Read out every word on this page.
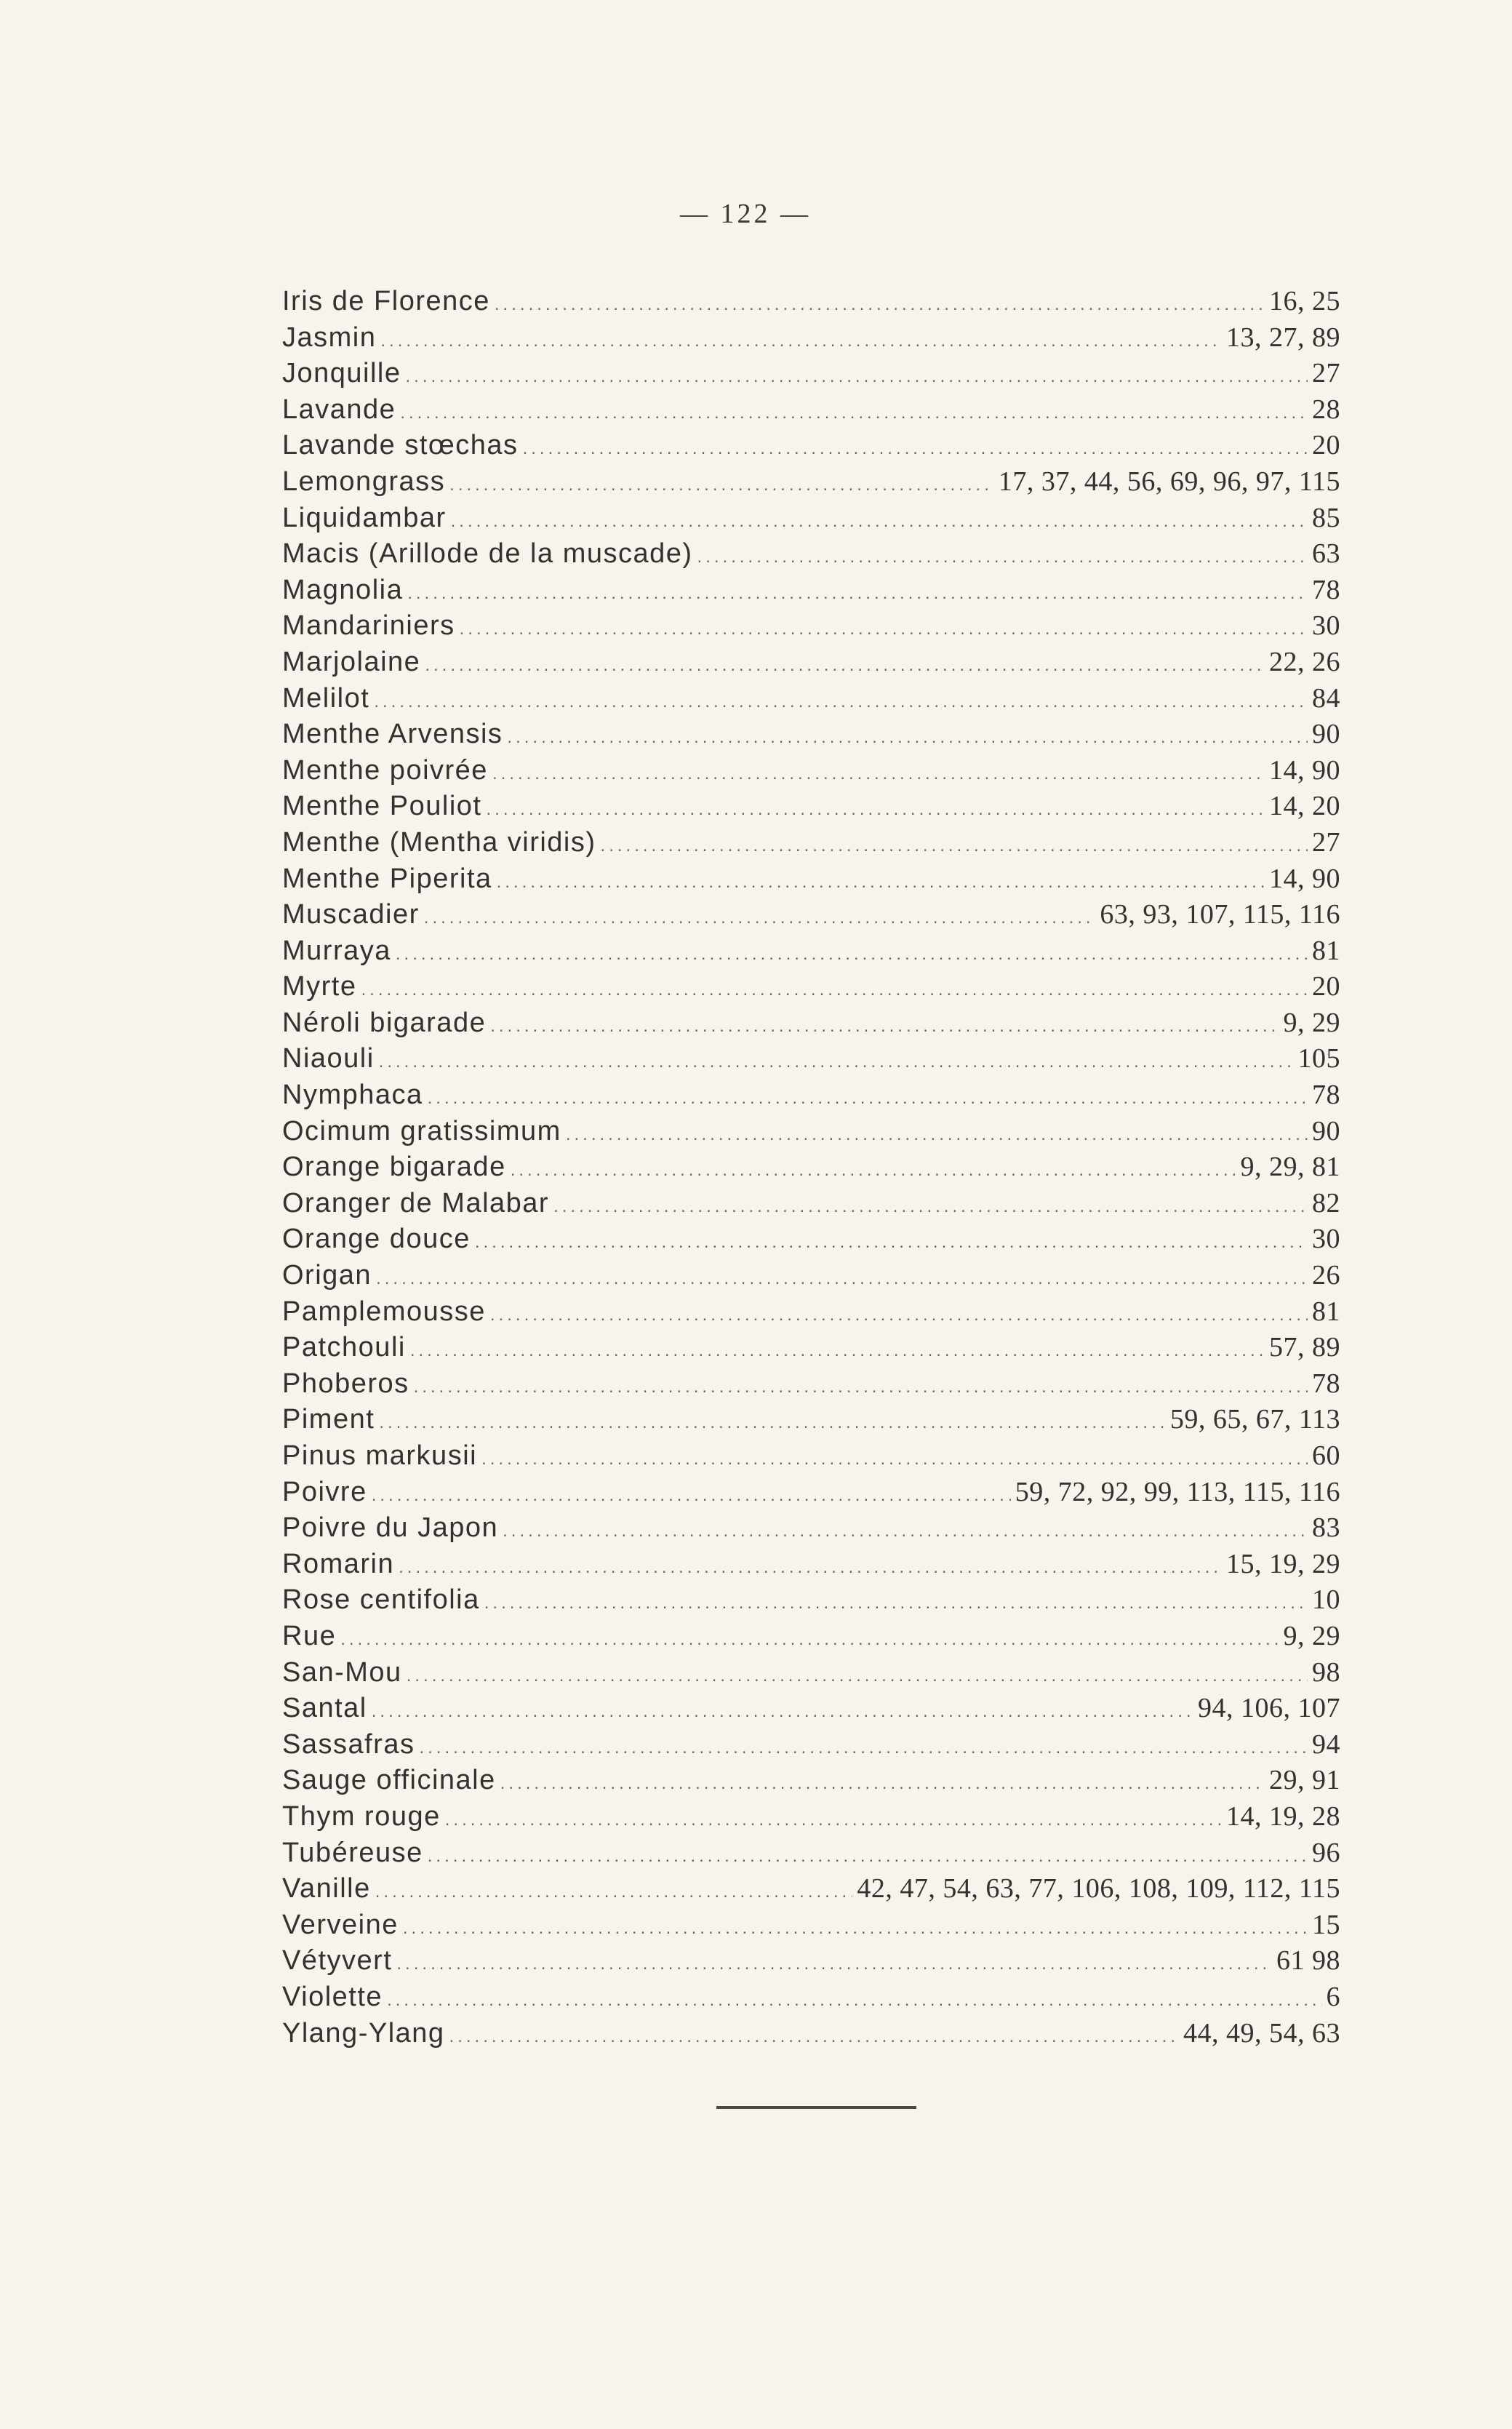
— 122 —
Iris de Florence .....	16, 25
Jasmin .....	13, 27, 89
Jonquille .....	27
Lavande .....	28
Lavande stœchas .....	20
Lemongrass .....	17, 37, 44, 56, 69, 96, 97, 115
Liquidambar .....	85
Macis (Arillode de la muscade) .....	63
Magnolia .....	78
Mandariniers .....	30
Marjolaine .....	22, 26
Melilot .....	84
Menthe Arvensis .....	90
Menthe poivrée .....	14, 90
Menthe Pouliot .....	14, 20
Menthe (Mentha viridis) .....	27
Menthe Piperita .....	14, 90
Muscadier .....	63, 93, 107, 115, 116
Murraya .....	81
Myrte .....	20
Néroli bigarade .....	9, 29
Niaouli .....	105
Nymphaca .....	78
Ocimum gratissimum .....	90
Orange bigarade .....	9, 29, 81
Oranger de Malabar .....	82
Orange douce .....	30
Origan .....	26
Pamplemousse .....	81
Patchouli .....	57, 89
Phoberos .....	78
Piment .....	59, 65, 67, 113
Pinus markusii .....	60
Poivre .....	59, 72, 92, 99, 113, 115, 116
Poivre du Japon .....	83
Romarin .....	15, 19, 29
Rose centifolia .....	10
Rue .....	9, 29
San-Mou .....	98
Santal .....	94, 106, 107
Sassafras .....	94
Sauge officinale .....	29, 91
Thym rouge .....	14, 19, 28
Tubéreuse .....	96
Vanille .....	42, 47, 54, 63, 77, 106, 108, 109, 112, 115
Verveine .....	15
Vétyvert .....	61 98
Violette .....	6
Ylang-Ylang .....	44, 49, 54, 63
